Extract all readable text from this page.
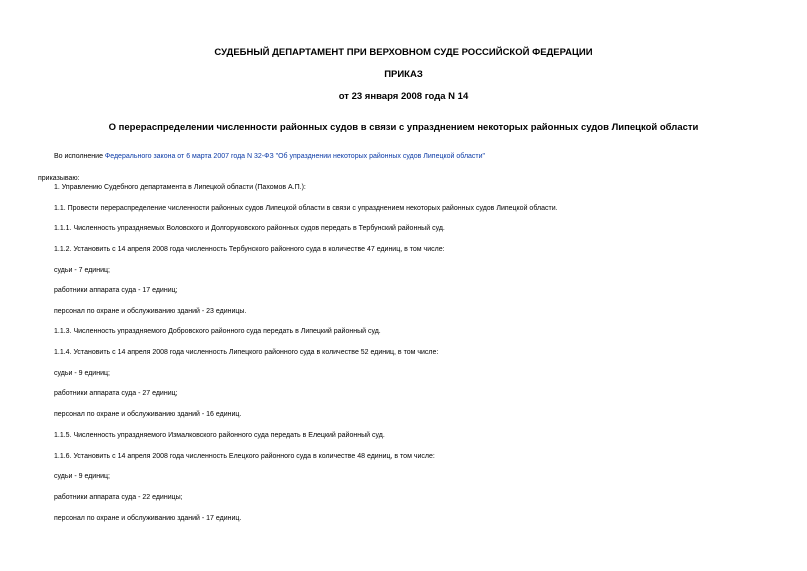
СУДЕБНЫЙ ДЕПАРТАМЕНТ ПРИ ВЕРХОВНОМ СУДЕ РОССИЙСКОЙ ФЕДЕРАЦИИ
ПРИКАЗ
от 23 января 2008 года N 14
О перераспределении численности районных судов в связи с упразднением некоторых районных судов Липецкой области
Во исполнение Федерального закона от 6 марта 2007 года N 32-ФЗ "Об упразднении некоторых районных судов Липецкой области"
приказываю:
1. Управлению Судебного департамента в Липецкой области (Пахомов А.П.):
1.1. Провести перераспределение численности районных судов Липецкой области в связи с упразднением некоторых районных судов Липецкой области.
1.1.1. Численность упраздняемых Воловского и Долгоруковского районных судов передать в Тербунский районный суд.
1.1.2. Установить с 14 апреля 2008 года численность Тербунского районного суда в количестве 47 единиц, в том числе:
судьи - 7 единиц;
работники аппарата суда - 17 единиц;
персонал по охране и обслуживанию зданий - 23 единицы.
1.1.3. Численность упраздняемого Добровского районного суда передать в Липецкий районный суд.
1.1.4. Установить с 14 апреля 2008 года численность Липецкого районного суда в количестве 52 единиц, в том числе:
судьи - 9 единиц;
работники аппарата суда - 27 единиц;
персонал по охране и обслуживанию зданий - 16 единиц.
1.1.5. Численность упраздняемого Измалковского районного суда передать в Елецкий районный суд.
1.1.6. Установить с 14 апреля 2008 года численность Елецкого районного суда в количестве 48 единиц, в том числе:
судьи - 9 единиц;
работники аппарата суда - 22 единицы;
персонал по охране и обслуживанию зданий - 17 единиц.
